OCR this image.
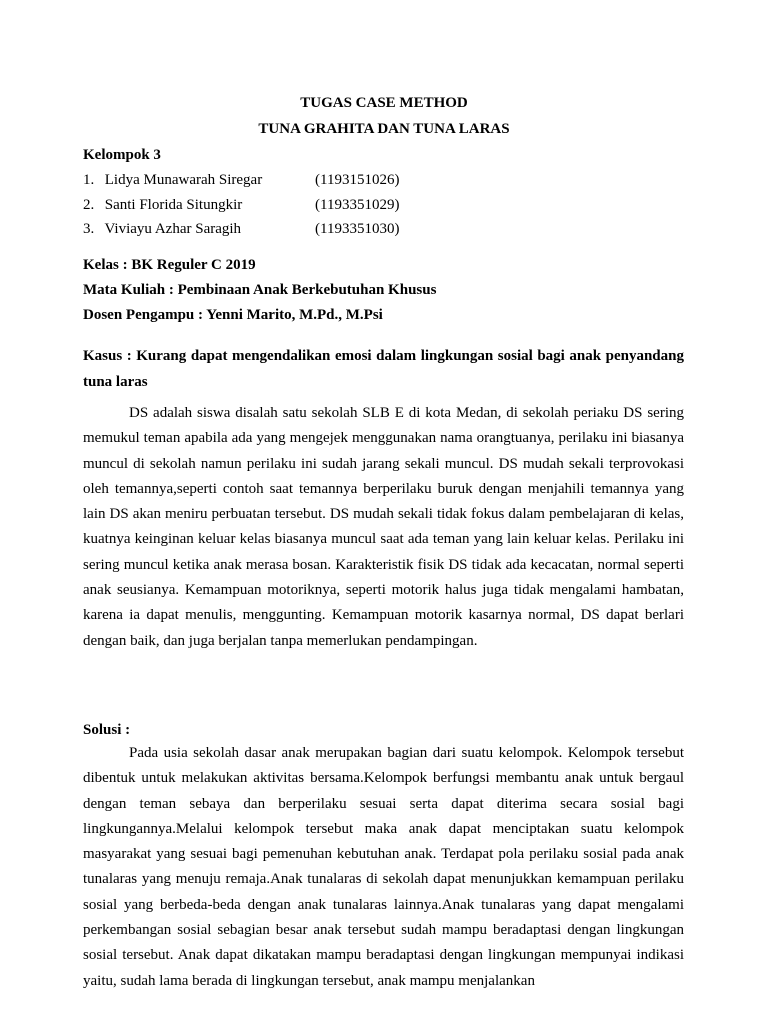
TUGAS CASE METHOD
TUNA GRAHITA DAN TUNA LARAS
Kelompok 3
1. Lidya Munawarah Siregar	(1193151026)
2. Santi Florida Situngkir	(1193351029)
3. Viviayu Azhar Saragih	(1193351030)
Kelas : BK Reguler C 2019
Mata Kuliah : Pembinaan Anak Berkebutuhan Khusus
Dosen Pengampu : Yenni Marito, M.Pd., M.Psi
Kasus : Kurang dapat mengendalikan emosi dalam lingkungan sosial bagi anak penyandang tuna laras
DS adalah siswa disalah satu sekolah SLB E di kota Medan, di sekolah periaku DS sering memukul teman apabila ada yang mengejek menggunakan nama orangtuanya, perilaku ini biasanya muncul di sekolah namun perilaku ini sudah jarang sekali muncul. DS mudah sekali terprovokasi oleh temannya,seperti contoh saat temannya berperilaku buruk dengan menjahili temannya yang lain DS akan meniru perbuatan tersebut. DS mudah sekali tidak fokus dalam pembelajaran di kelas, kuatnya keinginan keluar kelas biasanya muncul saat ada teman yang lain keluar kelas. Perilaku ini sering muncul ketika anak merasa bosan. Karakteristik fisik DS tidak ada kecacatan, normal seperti anak seusianya. Kemampuan motoriknya, seperti motorik halus juga tidak mengalami hambatan, karena ia dapat menulis, menggunting. Kemampuan motorik kasarnya normal, DS dapat berlari dengan baik, dan juga berjalan tanpa memerlukan pendampingan.
Solusi :
Pada usia sekolah dasar anak merupakan bagian dari suatu kelompok. Kelompok tersebut dibentuk untuk melakukan aktivitas bersama.Kelompok berfungsi membantu anak untuk bergaul dengan teman sebaya dan berperilaku sesuai serta dapat diterima secara sosial bagi lingkungannya.Melalui kelompok tersebut maka anak dapat menciptakan suatu kelompok masyarakat yang sesuai bagi pemenuhan kebutuhan anak. Terdapat pola perilaku sosial pada anak tunalaras yang menuju remaja.Anak tunalaras di sekolah dapat menunjukkan kemampuan perilaku sosial yang berbeda-beda dengan anak tunalaras lainnya.Anak tunalaras yang dapat mengalami perkembangan sosial sebagian besar anak tersebut sudah mampu beradaptasi dengan lingkungan sosial tersebut. Anak dapat dikatakan mampu beradaptasi dengan lingkungan mempunyai indikasi yaitu, sudah lama berada di lingkungan tersebut, anak mampu menjalankan
